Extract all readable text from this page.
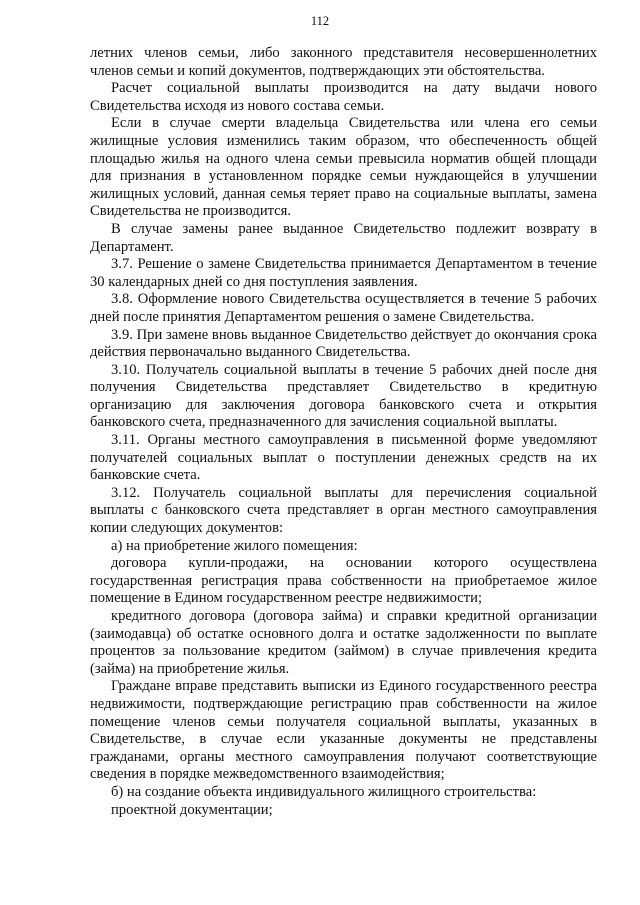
112

летних членов семьи, либо законного представителя несовершеннолетних членов семьи и копий документов, подтверждающих эти обстоятельства.

Расчет социальной выплаты производится на дату выдачи нового Свидетельства исходя из нового состава семьи.

Если в случае смерти владельца Свидетельства или члена его семьи жилищные условия изменились таким образом, что обеспеченность общей площадью жилья на одного члена семьи превысила норматив общей площади для признания в установленном порядке семьи нуждающейся в улучшении жилищных условий, данная семья теряет право на социальные выплаты, замена Свидетельства не производится.

В случае замены ранее выданное Свидетельство подлежит возврату в Департамент.

3.7. Решение о замене Свидетельства принимается Департаментом в течение 30 календарных дней со дня поступления заявления.

3.8. Оформление нового Свидетельства осуществляется в течение 5 рабочих дней после принятия Департаментом решения о замене Свидетельства.

3.9. При замене вновь выданное Свидетельство действует до окончания срока действия первоначально выданного Свидетельства.

3.10. Получатель социальной выплаты в течение 5 рабочих дней после дня получения Свидетельства представляет Свидетельство в кредитную организацию для заключения договора банковского счета и открытия банковского счета, предназначенного для зачисления социальной выплаты.

3.11. Органы местного самоуправления в письменной форме уведомляют получателей социальных выплат о поступлении денежных средств на их банковские счета.

3.12. Получатель социальной выплаты для перечисления социальной выплаты с банковского счета представляет в орган местного самоуправления копии следующих документов:

а) на приобретение жилого помещения:

договора купли-продажи, на основании которого осуществлена государственная регистрация права собственности на приобретаемое жилое помещение в Едином государственном реестре недвижимости;

кредитного договора (договора займа) и справки кредитной организации (заимодавца) об остатке основного долга и остатке задолженности по выплате процентов за пользование кредитом (займом) в случае привлечения кредита (займа) на приобретение жилья.

Граждане вправе представить выписки из Единого государственного реестра недвижимости, подтверждающие регистрацию прав собственности на жилое помещение членов семьи получателя социальной выплаты, указанных в Свидетельстве, в случае если указанные документы не представлены гражданами, органы местного самоуправления получают соответствующие сведения в порядке межведомственного взаимодействия;

б) на создание объекта индивидуального жилищного строительства:

проектной документации;
